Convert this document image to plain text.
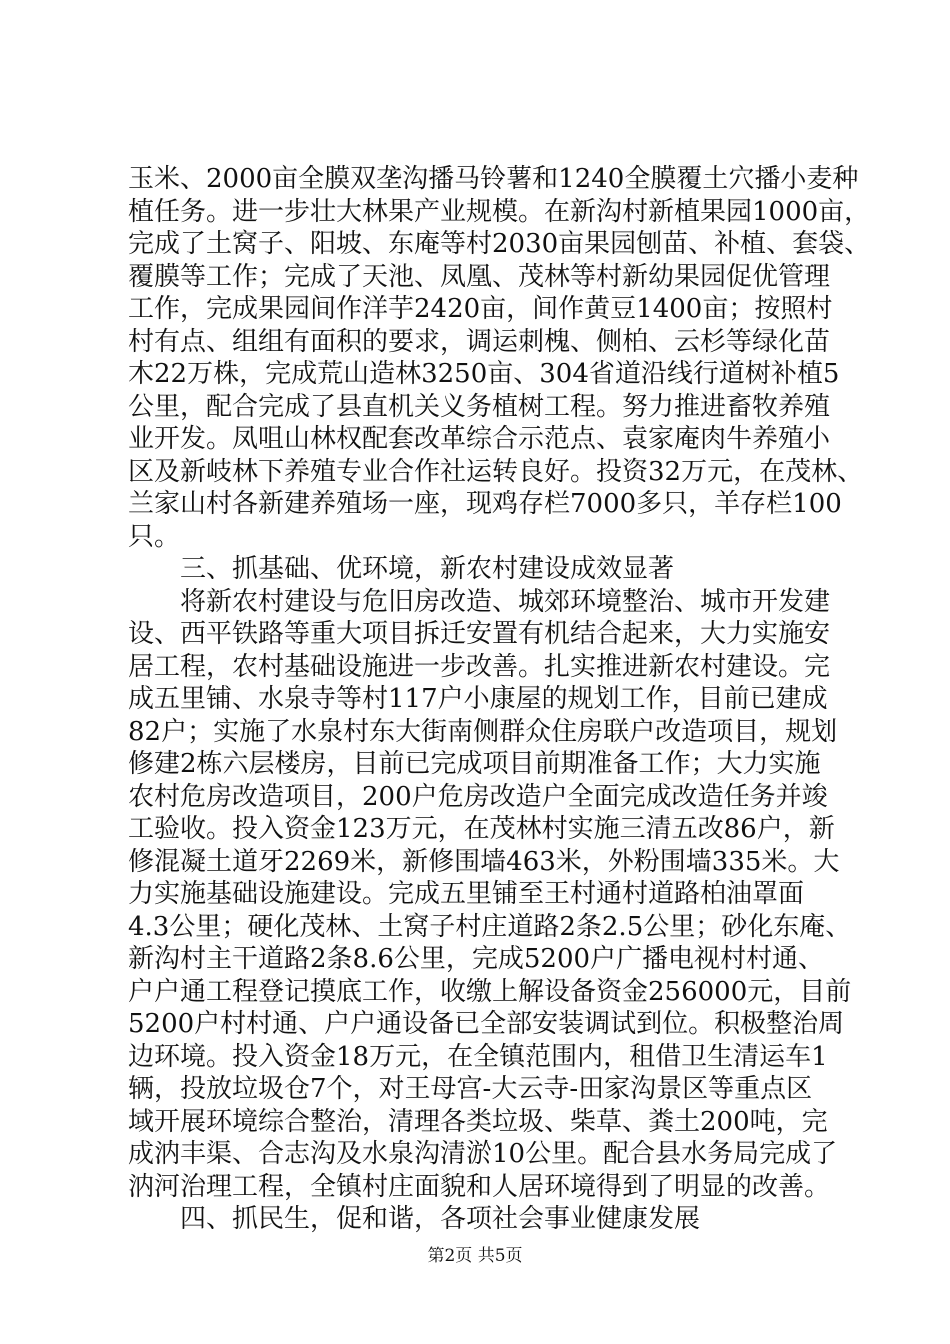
玉米、2000亩全膜双垄沟播马铃薯和1240全膜覆土穴播小麦种
植任务。进一步壮大林果产业规模。在新沟村新植果园1000亩，
完成了土窝子、阳坡、东庵等村2030亩果园刨苗、补植、套袋、
覆膜等工作；完成了天池、凤凰、茂林等村新幼果园促优管理
工作，完成果园间作洋芋2420亩，间作黄豆1400亩；按照村
村有点、组组有面积的要求，调运刺槐、侧柏、云杉等绿化苗
木22万株，完成荒山造林3250亩、304省道沿线行道树补植5
公里，配合完成了县直机关义务植树工程。努力推进畜牧养殖
业开发。凤咀山林权配套改革综合示范点、袁家庵肉牛养殖小
区及新岐林下养殖专业合作社运转良好。投资32万元，在茂林、
兰家山村各新建养殖场一座，现鸡存栏7000多只，羊存栏100
只。
三、抓基础、优环境，新农村建设成效显著
将新农村建设与危旧房改造、城郊环境整治、城市开发建
设、西平铁路等重大项目拆迁安置有机结合起来，大力实施安
居工程，农村基础设施进一步改善。扎实推进新农村建设。完
成五里铺、水泉寺等村117户小康屋的规划工作，目前已建成
82户；实施了水泉村东大街南侧群众住房联户改造项目，规划
修建2栋六层楼房，目前已完成项目前期准备工作；大力实施
农村危房改造项目，200户危房改造户全面完成改造任务并竣
工验收。投入资金123万元，在茂林村实施三清五改86户，新
修混凝土道牙2269米，新修围墙463米，外粉围墙335米。大
力实施基础设施建设。完成五里铺至王村通村道路柏油罩面
4.3公里；硬化茂林、土窝子村庄道路2条2.5公里；砂化东庵、
新沟村主干道路2条8.6公里，完成5200户广播电视村村通、
户户通工程登记摸底工作，收缴上解设备资金256000元，目前
5200户村村通、户户通设备已全部安装调试到位。积极整治周
边环境。投入资金18万元，在全镇范围内，租借卫生清运车1
辆，投放垃圾仓7个，对王母宫-大云寺-田家沟景区等重点区
域开展环境综合整治，清理各类垃圾、柴草、粪土200吨，完
成汭丰渠、合志沟及水泉沟清淤10公里。配合县水务局完成了
汭河治理工程，全镇村庄面貌和人居环境得到了明显的改善。
四、抓民生，促和谐，各项社会事业健康发展
第2页 共5页
